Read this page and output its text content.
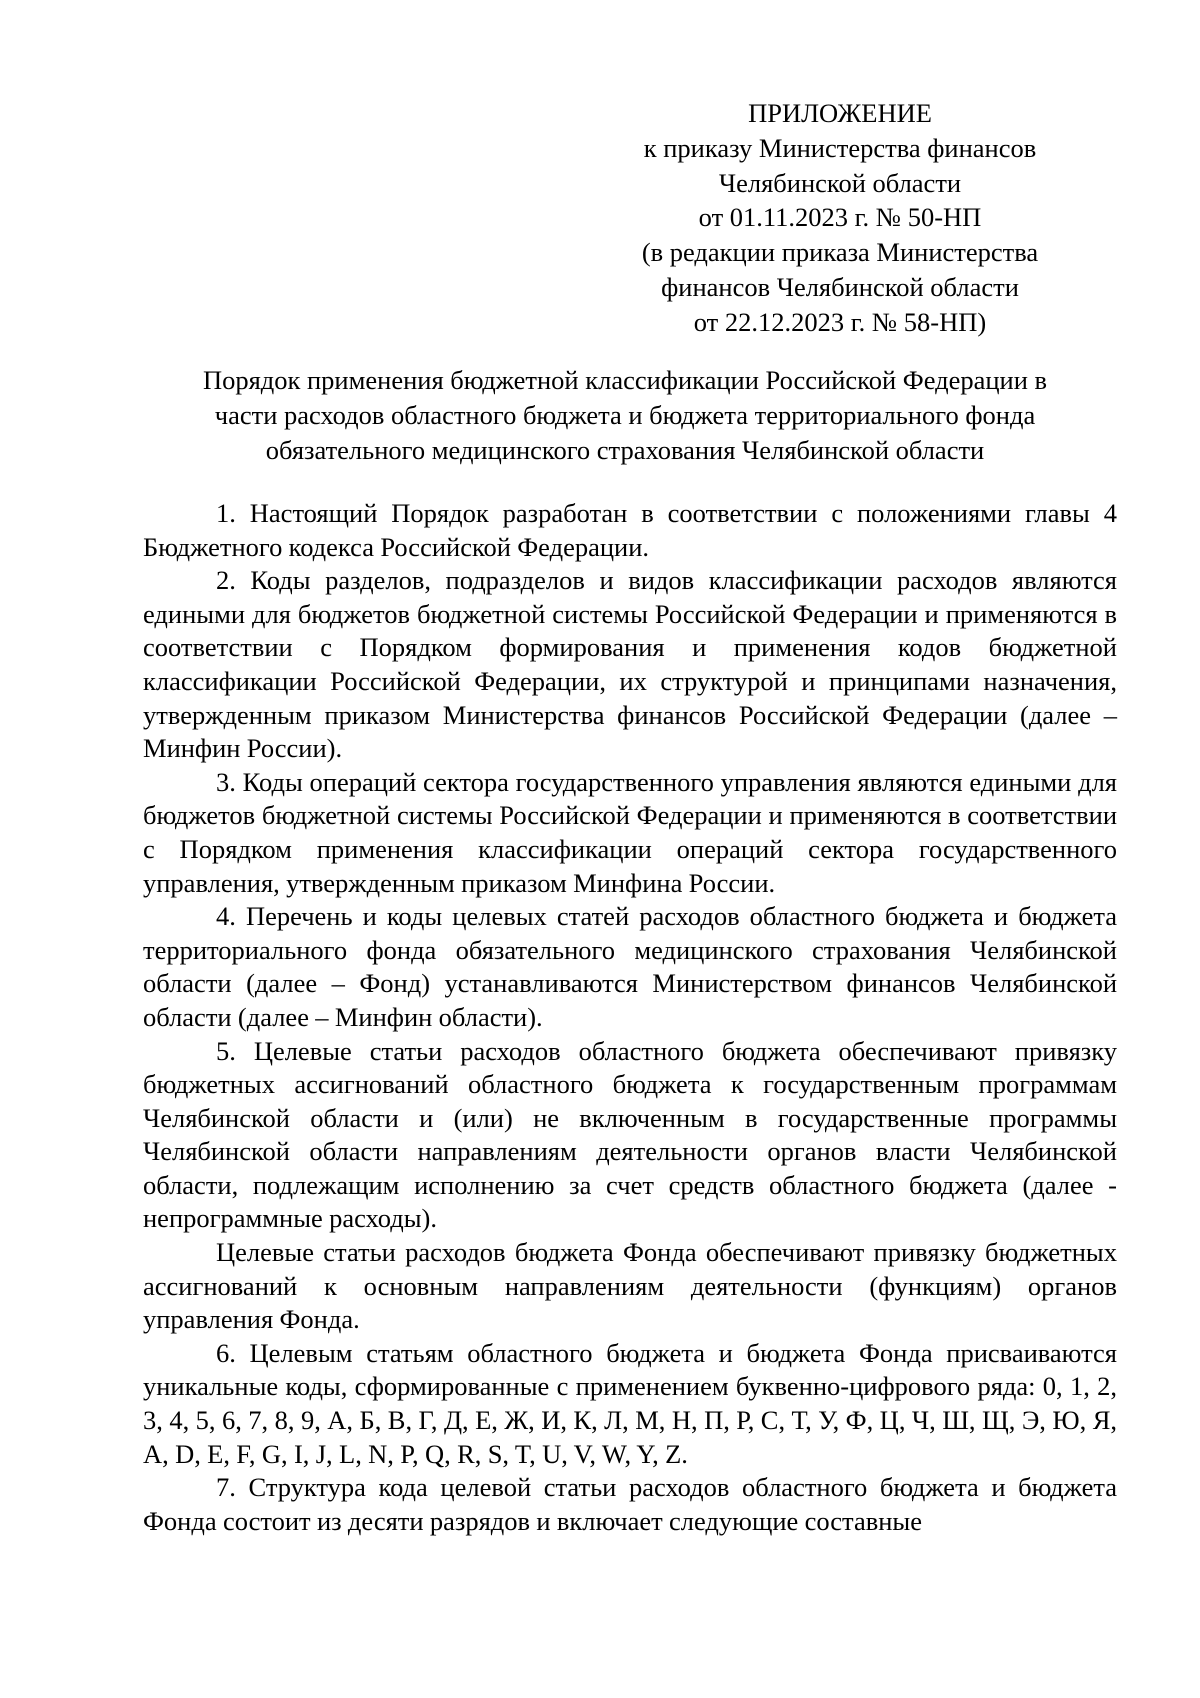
ПРИЛОЖЕНИЕ
к приказу Министерства финансов
Челябинской области
от 01.11.2023 г. № 50-НП
(в редакции приказа Министерства
финансов Челябинской области
от 22.12.2023 г. № 58-НП)
Порядок применения бюджетной классификации Российской Федерации в
части расходов областного бюджета и бюджета территориального фонда
обязательного медицинского страхования Челябинской области

1. Настоящий Порядок разработан в соответствии с положениями главы 4 Бюджетного кодекса Российской Федерации.

2. Коды разделов, подразделов и видов классификации расходов являются едиными для бюджетов бюджетной системы Российской Федерации и применяются в соответствии с Порядком формирования и применения кодов бюджетной классификации Российской Федерации, их структурой и принципами назначения, утвержденным приказом Министерства финансов Российской Федерации (далее – Минфин России).

3. Коды операций сектора государственного управления являются едиными для бюджетов бюджетной системы Российской Федерации и применяются в соответствии с Порядком применения классификации операций сектора государственного управления, утвержденным приказом Минфина России.

4. Перечень и коды целевых статей расходов областного бюджета и бюджета территориального фонда обязательного медицинского страхования Челябинской области (далее – Фонд) устанавливаются Министерством финансов Челябинской области (далее – Минфин области).

5. Целевые статьи расходов областного бюджета обеспечивают привязку бюджетных ассигнований областного бюджета к государственным программам Челябинской области и (или) не включенным в государственные программы Челябинской области направлениям деятельности органов власти Челябинской области, подлежащим исполнению за счет средств областного бюджета (далее - непрограммные расходы).

Целевые статьи расходов бюджета Фонда обеспечивают привязку бюджетных ассигнований к основным направлениям деятельности (функциям) органов управления Фонда.

6. Целевым статьям областного бюджета и бюджета Фонда присваиваются уникальные коды, сформированные с применением буквенно-цифрового ряда: 0, 1, 2, 3, 4, 5, 6, 7, 8, 9, А, Б, В, Г, Д, Е, Ж, И, К, Л, М, Н, П, Р, С, Т, У, Ф, Ц, Ч, Ш, Щ, Э, Ю, Я, A, D, E, F, G, I, J, L, N, P, Q, R, S, T, U, V, W, Y, Z.

7. Структура кода целевой статьи расходов областного бюджета и бюджета Фонда состоит из десяти разрядов и включает следующие составные
